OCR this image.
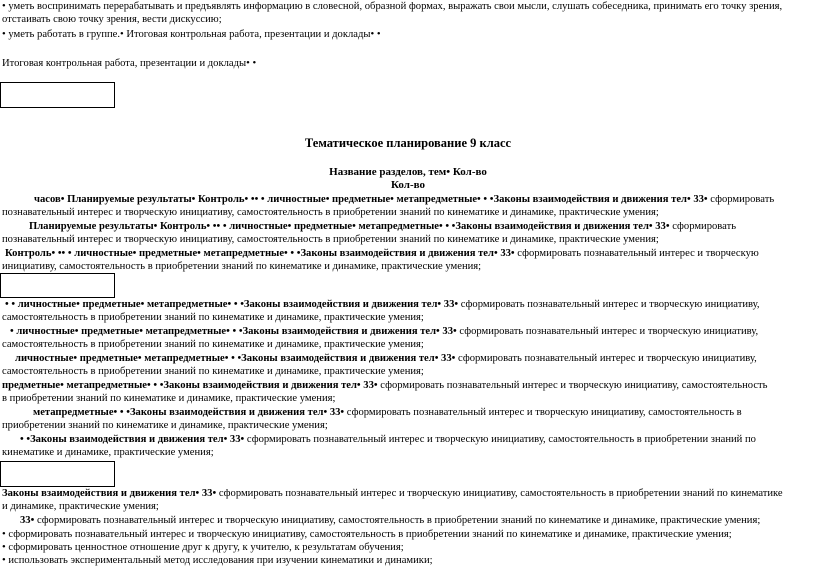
• уметь воспринимать перерабатывать и предъявлять информацию в словесной, образной формах, выражать свои мысли, слушать собеседника, принимать его точку зрения,
отстаивать свою точку зрения, вести дискуссию;
• уметь работать в группе.• Итоговая контрольная работа, презентации и доклады• •
Итоговая контрольная работа, презентации и доклады• •
Тематическое планирование 9 класс
Название разделов, тем• Кол-во
Кол-во
часов• Планируемые результаты• Контроль• •• • личностные• предметные• метапредметные• • •Законы взаимодействия и движения тел• 33• сформировать
познавательный интерес и творческую инициативу, самостоятельность в приобретении знаний по кинематике и динамике, практические умения;
Планируемые результаты• Контроль• •• • личностные• предметные• метапредметные• • •Законы взаимодействия и движения тел• 33• сформировать
познавательный интерес и творческую инициативу, самостоятельность в приобретении знаний по кинематике и динамике, практические умения;
Контроль• •• • личностные• предметные• метапредметные• • •Законы взаимодействия и движения тел• 33• сформировать познавательный интерес и творческую
инициативу, самостоятельность в приобретении знаний по кинематике и динамике, практические умения;
• • личностные• предметные• метапредметные• • •Законы взаимодействия и движения тел• 33• сформировать познавательный интерес и творческую инициативу,
самостоятельность в приобретении знаний по кинематике и динамике, практические умения;
• личностные• предметные• метапредметные• • •Законы взаимодействия и движения тел• 33• сформировать познавательный интерес и творческую инициативу,
самостоятельность в приобретении знаний по кинематике и динамике, практические умения;
личностные• предметные• метапредметные• • •Законы взаимодействия и движения тел• 33• сформировать познавательный интерес и творческую инициативу,
самостоятельность в приобретении знаний по кинематике и динамике, практические умения;
предметные• метапредметные• • •Законы взаимодействия и движения тел• 33• сформировать познавательный интерес и творческую инициативу, самостоятельность
в приобретении знаний по кинематике и динамике, практические умения;
метапредметные• • •Законы взаимодействия и движения тел• 33• сформировать познавательный интерес и творческую инициативу, самостоятельность в
приобретении знаний по кинематике и динамике, практические умения;
• •Законы взаимодействия и движения тел• 33• сформировать познавательный интерес и творческую инициативу, самостоятельность в приобретении знаний по
кинематике и динамике, практические умения;
Законы взаимодействия и движения тел• 33• сформировать познавательный интерес и творческую инициативу, самостоятельность в приобретении знаний по кинематике
и динамике, практические умения;
33• сформировать познавательный интерес и творческую инициативу, самостоятельность в приобретении знаний по кинематике и динамике, практические умения;
• сформировать познавательный интерес и творческую инициативу, самостоятельность в приобретении знаний по кинематике и динамике, практические умения;
• сформировать ценностное отношение друг к другу, к учителю, к результатам обучения;
• использовать экспериментальный метод исследования при изучении кинематики и динамики;
